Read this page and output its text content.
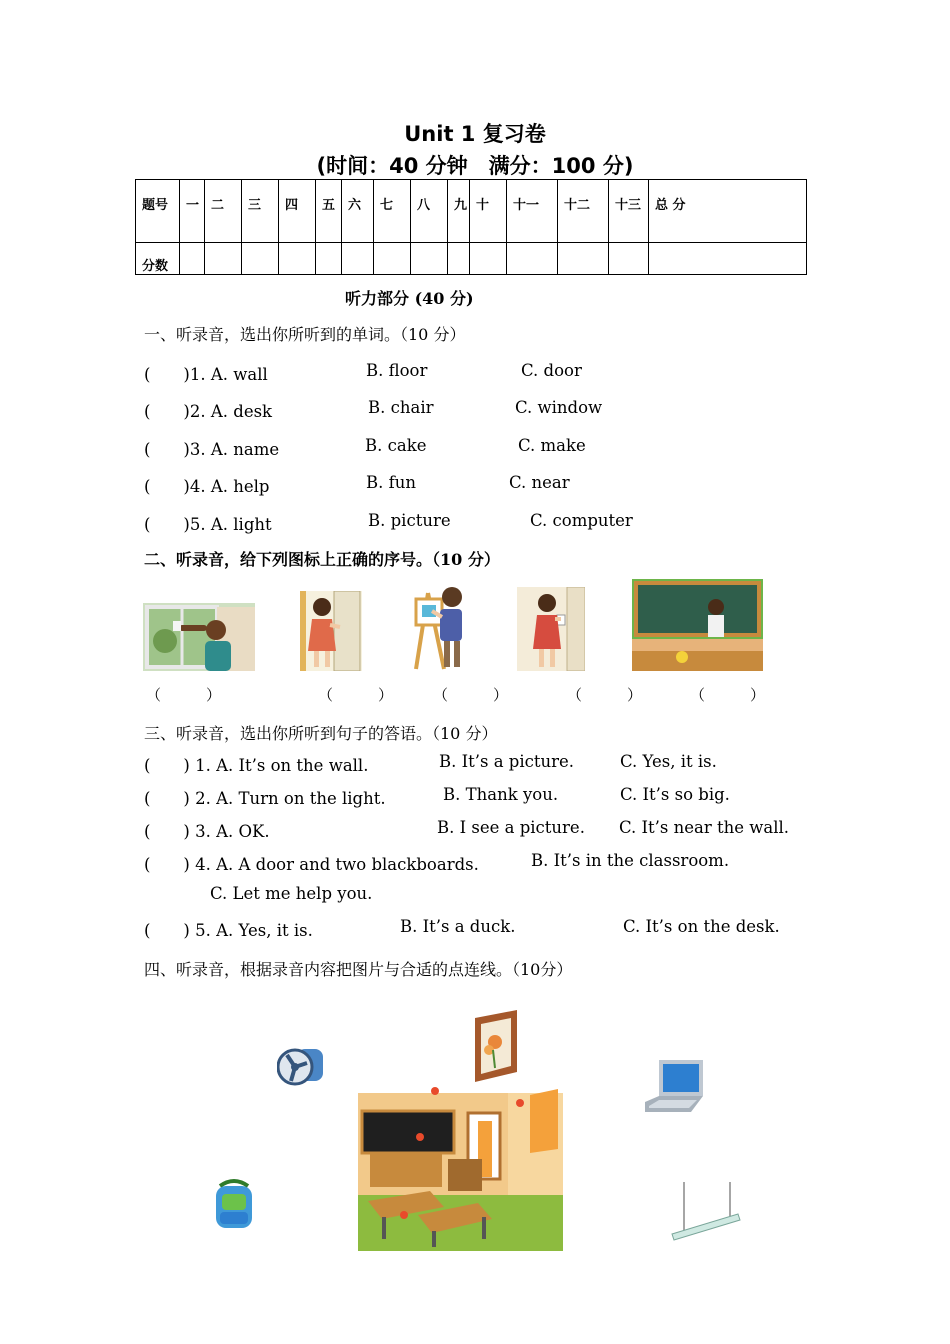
Unit 1 复习卷
(时间：40 分钟　满分：100 分)
题号	一	二	三	四	五	六	七	八	九	十	十一	十二	十三	总 分
分数														
听力部分 (40 分)
一、听录音，选出你所听到的单词。（10 分）
(　　)1. A. wall	B. floor	C. door
(　　)2. A. desk	B. chair	C. window
(　　)3. A. name	B. cake	C. make
(　　)4. A. help	B. fun	C. near
(　　)5. A. light	B. picture	C. computer
二、听录音，给下列图标上正确的序号。（10 分）
（　　　）	（　　　）	（　　　）	（　　　）	（　　　）
三、听录音，选出你所听到句子的答语。（10 分）
(　　) 1. A. It’s on the wall.	B. It’s a picture.	C. Yes, it is.
(　　) 2. A. Turn on the light.	B. Thank you.	C. It’s so big.
(　　) 3. A. OK.	B. I see a picture. C. It’s near the wall.
(　　) 4. A. A door and two blackboards.	B. It’s in the classroom.
C. Let me help you.
(　　) 5. A. Yes, it is.	B. It’s a duck.	C. It’s on the desk.
四、听录音，根据录音内容把图片与合适的点连线。（10分）
